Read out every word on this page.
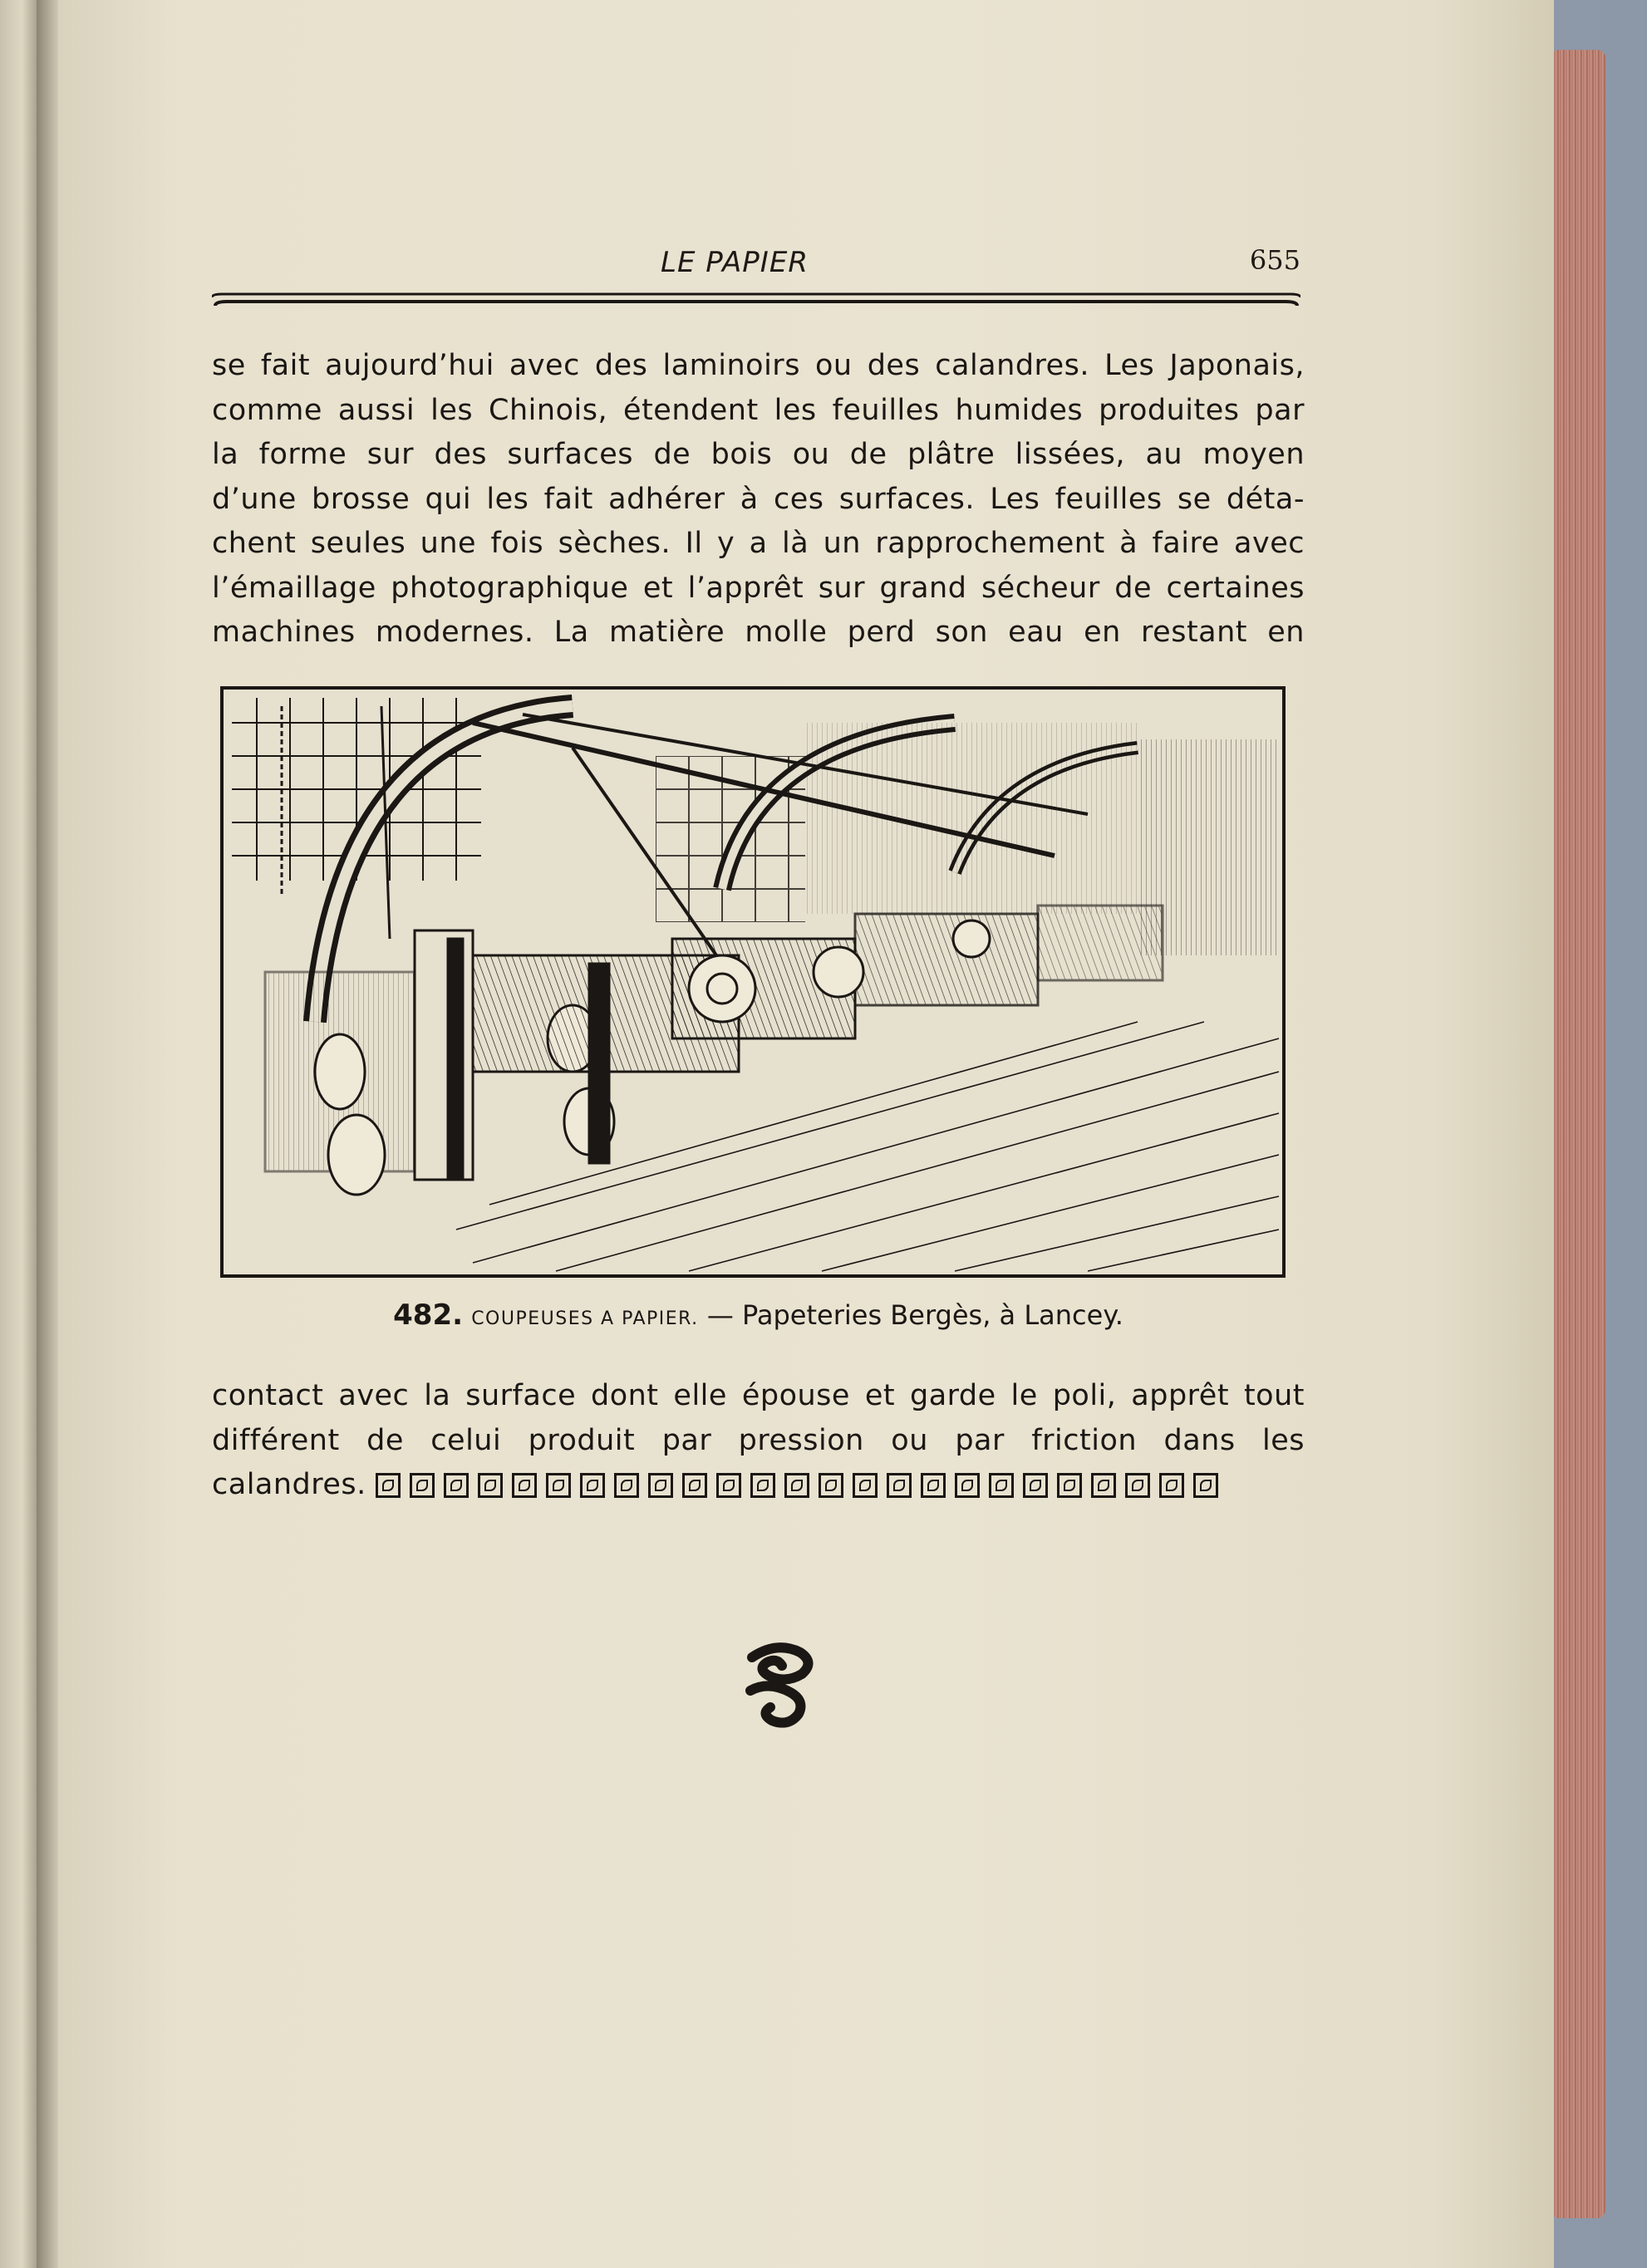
LE PAPIER	655
se fait aujourd’hui avec des laminoirs ou des calandres. Les Japonais,
comme aussi les Chinois, étendent les feuilles humides produites par
la forme sur des surfaces de bois ou de plâtre lissées, au moyen
d’une brosse qui les fait adhérer à ces surfaces. Les feuilles se déta-
chent seules une fois sèches. Il y a là un rapprochement à faire avec
l’émaillage photographique et l’apprêt sur grand sécheur de certaines
machines modernes. La matière molle perd son eau en restant en
482. COUPEUSES A PAPIER. — Papeteries Bergès, à Lancey.
contact avec la surface dont elle épouse et garde le poli, apprêt tout
différent de celui produit par pression ou par friction dans les
calandres.
